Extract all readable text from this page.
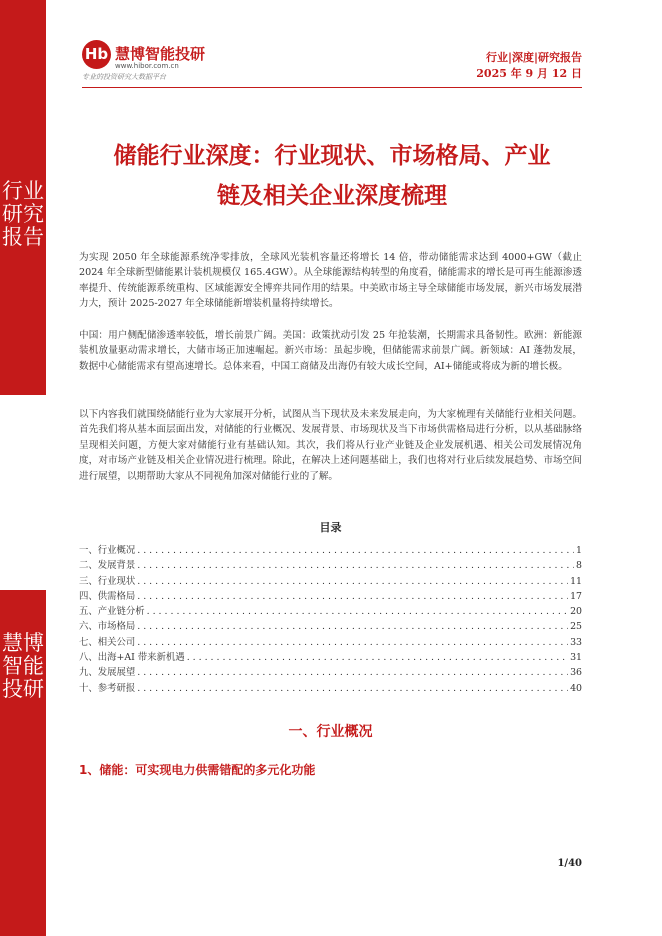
行业研究报告
慧博智能投研
Hb 慧博智能投研
www.hibor.com.cn
专业的投资研究大数据平台
行业|深度|研究报告
2025 年 9 月 12 日
储能行业深度：行业现状、市场格局、产业
链及相关企业深度梳理
为实现 2050 年全球能源系统净零排放，全球风光装机容量还将增长 14 倍，带动储能需求达到 4000+GW（截止 2024 年全球新型储能累计装机规模仅 165.4GW）。从全球能源结构转型的角度看，储能需求的增长是可再生能源渗透率提升、传统能源系统重构、区域能源安全博弈共同作用的结果。中美欧市场主导全球储能市场发展，新兴市场发展潜力大，预计 2025-2027 年全球储能新增装机量将持续增长。
中国：用户侧配储渗透率较低，增长前景广阔。美国：政策扰动引发 25 年抢装潮，长期需求具备韧性。欧洲：新能源装机放量驱动需求增长，大储市场正加速崛起。新兴市场：虽起步晚，但储能需求前景广阔。新领域：AI 蓬勃发展，数据中心储能需求有望高速增长。总体来看，中国工商储及出海仍有较大成长空间，AI+储能或将成为新的增长极。
以下内容我们就围绕储能行业为大家展开分析，试图从当下现状及未来发展走向，为大家梳理有关储能行业相关问题。首先我们将从基本面层面出发，对储能的行业概况、发展背景、市场现状及当下市场供需格局进行分析，以从基础脉络呈现相关问题，方便大家对储能行业有基础认知。其次，我们将从行业产业链及企业发展机遇、相关公司发展情况角度，对市场产业链及相关企业情况进行梳理。除此，在解决上述问题基础上，我们也将对行业后续发展趋势、市场空间进行展望，以期帮助大家从不同视角加深对储能行业的了解。
目录
一、行业概况 . . .	1
二、发展背景 . . .	8
三、行业现状 . . .	11
四、供需格局 . . .	17
五、产业链分析 . . .	20
六、市场格局 . . .	25
七、相关公司 . . .	33
八、出海+AI 带来新机遇 . . .	31
九、发展展望 . . .	36
十、参考研报 . . .	40
一、行业概况
1、储能：可实现电力供需错配的多元化功能
1/40
